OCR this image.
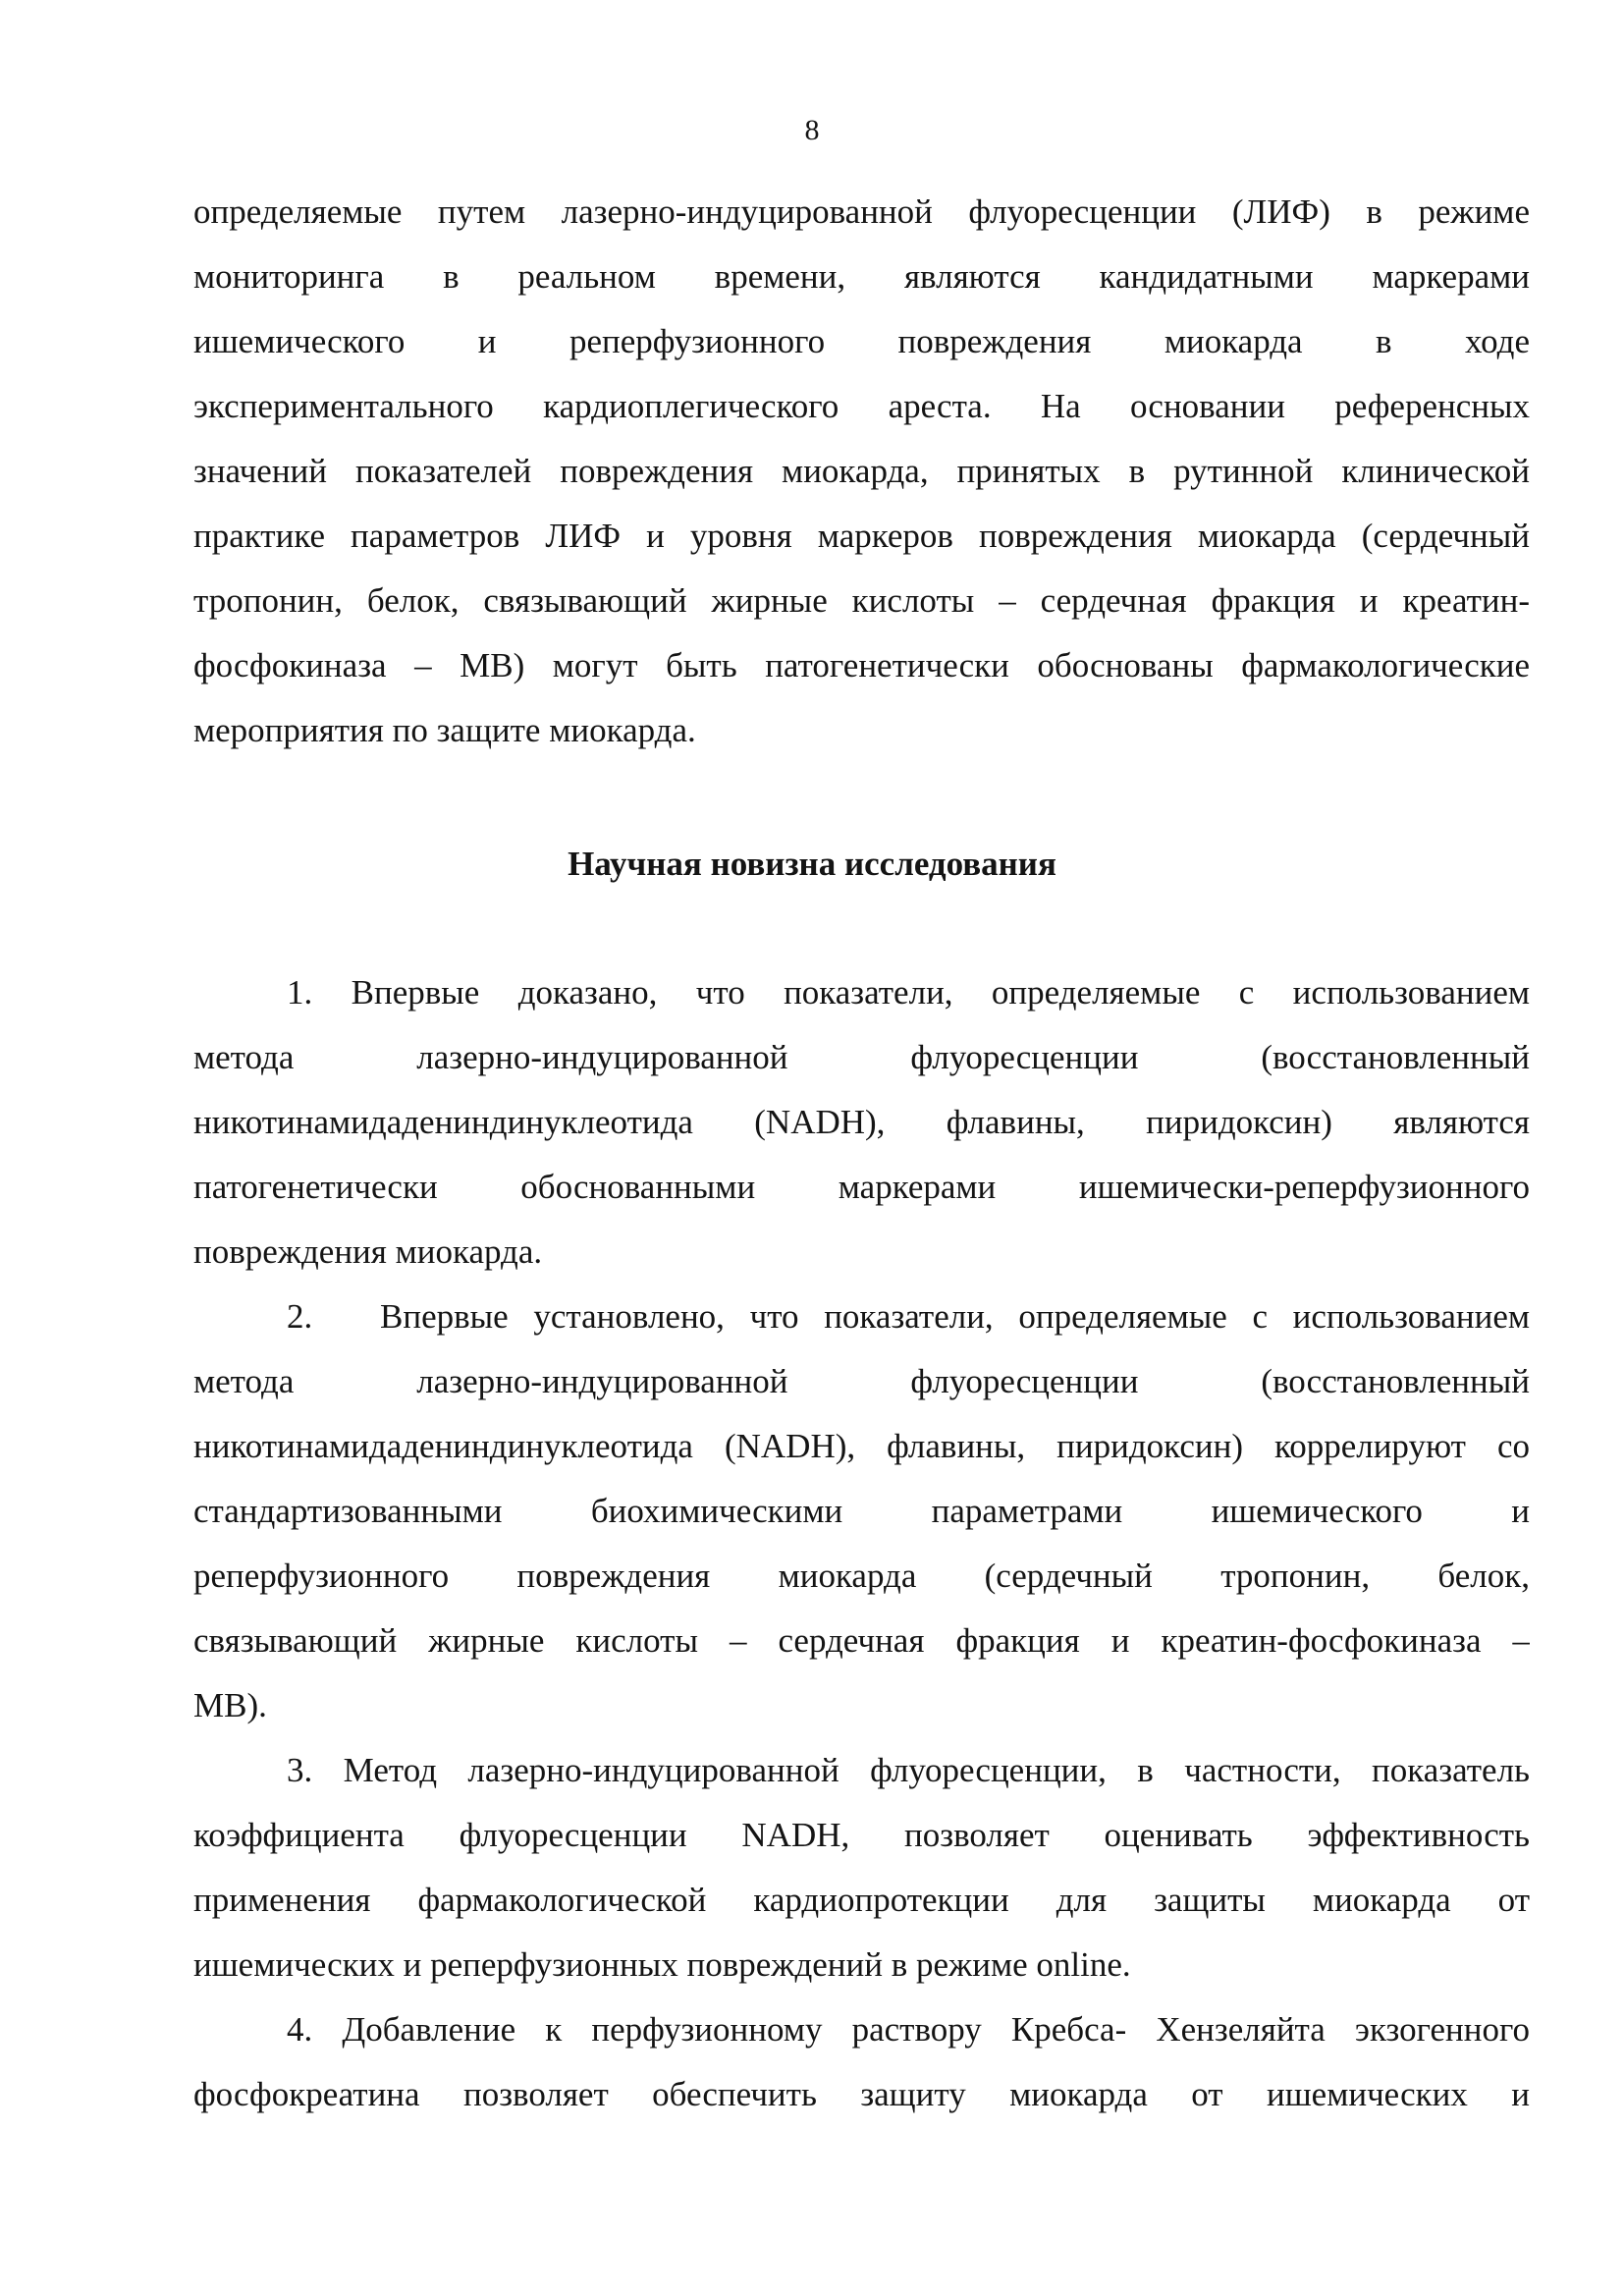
8
определяемые путем лазерно-индуцированной флуоресценции (ЛИФ) в режиме
мониторинга в реальном времени, являются кандидатными маркерами
ишемического и реперфузионного повреждения миокарда в ходе
экспериментального кардиоплегического ареста. На основании референсных
значений показателей повреждения миокарда, принятых в рутинной клинической
практике параметров ЛИФ и уровня маркеров повреждения миокарда (сердечный
тропонин, белок, связывающий жирные кислоты – сердечная фракция и креатин-
фосфокиназа – MB) могут быть патогенетически обоснованы фармакологические
мероприятия по защите миокарда.
Научная новизна исследования
1. Впервые доказано, что показатели, определяемые с использованием
метода лазерно-индуцированной флуоресценции (восстановленный
никотинамидадениндинуклеотида (NADH), флавины, пиридоксин) являются
патогенетически обоснованными маркерами ишемически-реперфузионного
повреждения миокарда.
2. Впервые установлено, что показатели, определяемые с использованием
метода лазерно-индуцированной флуоресценции (восстановленный
никотинамидадениндинуклеотида (NADH), флавины, пиридоксин) коррелируют со
стандартизованными биохимическими параметрами ишемического и
реперфузионного повреждения миокарда (сердечный тропонин, белок,
связывающий жирные кислоты – сердечная фракция и креатин-фосфокиназа –
MB).
3. Метод лазерно-индуцированной флуоресценции, в частности, показатель
коэффициента флуоресценции NADH, позволяет оценивать эффективность
применения фармакологической кардиопротекции для защиты миокарда от
ишемических и реперфузионных повреждений в режиме online.
4. Добавление к перфузионному раствору Кребса- Хензеляйта экзогенного
фосфокреатина позволяет обеспечить защиту миокарда от ишемических и
